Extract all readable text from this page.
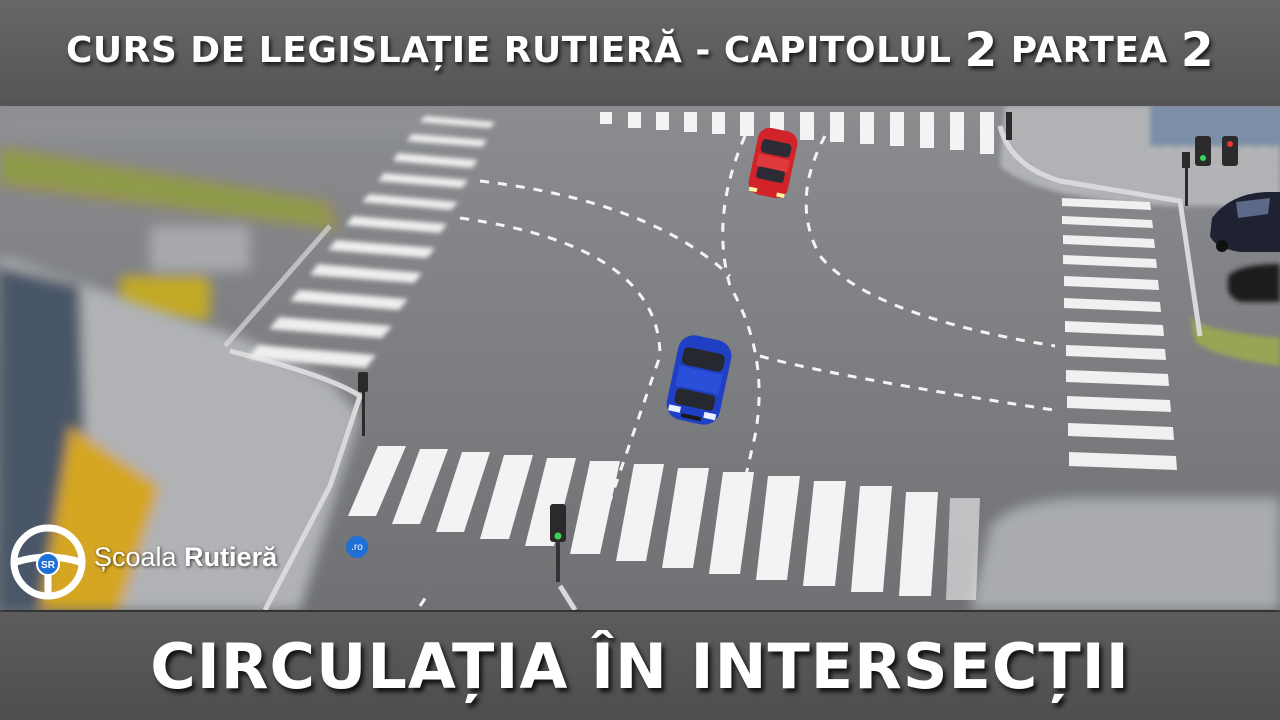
CURS DE LEGISLAȚIE RUTIERĂ - CAPITOLUL
2
PARTEA
2
SR Școala Rutieră	.ro
CIRCULAȚIA ÎN INTERSECȚII
